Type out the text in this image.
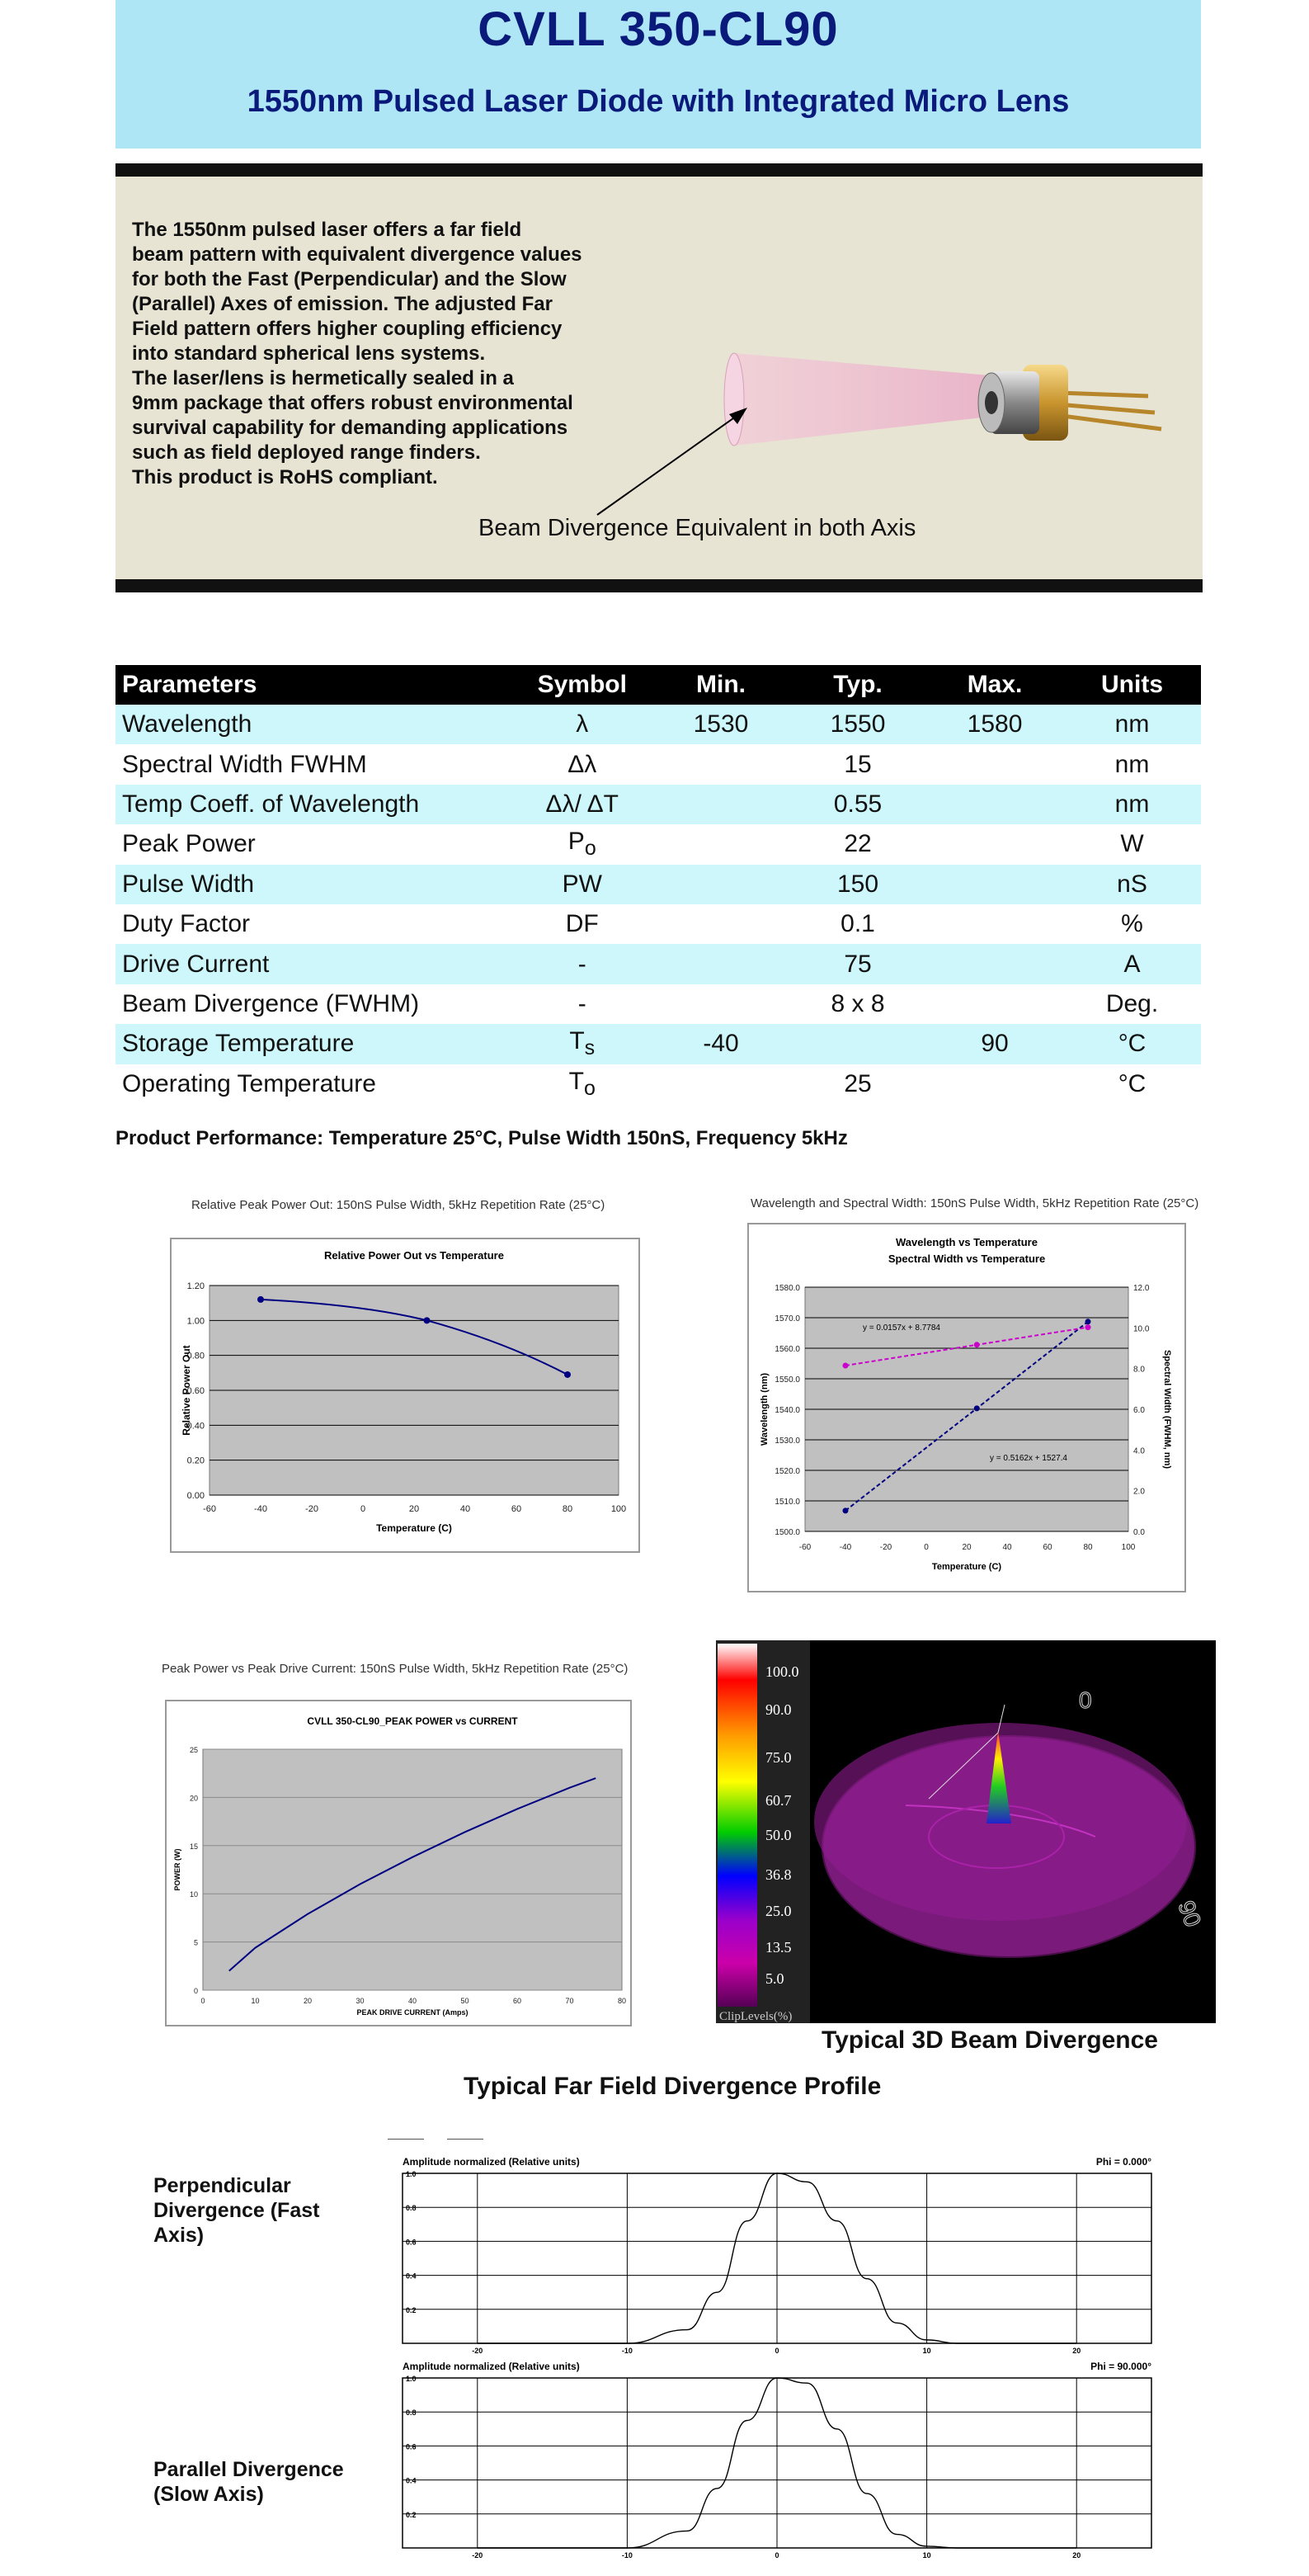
CVLL 350-CL90
1550nm Pulsed Laser Diode with Integrated Micro Lens

The 1550nm pulsed laser offers a far field

beam pattern with equivalent divergence values

for both the Fast (Perpendicular) and the Slow

(Parallel) Axes of emission. The adjusted Far

Field pattern offers higher coupling efficiency

into standard spherical lens systems.

The laser/lens is hermetically sealed in a

9mm package that offers robust environmental

survival capability for demanding applications

such as field deployed range finders.

This product is RoHS compliant.

Beam Divergence Equivalent in both Axis
Parameters	Symbol	Min.	Typ.	Max.	Units
Wavelength	λ	1530	1550	1580	nm
Spectral Width FWHM	Δλ		15		nm
Temp Coeff. of Wavelength	Δλ/ ΔT		0.55		nm
Peak Power	$P_o$		22		W
Pulse Width	PW		150		nS
Duty Factor	DF		0.1		%
Drive Current	-		75		A
Beam Divergence (FWHM)	-		8 x 8		Deg.
Storage Temperature	$T_s$	-40		90	°C
Operating Temperature	$T_o$		25		°C
Product Performance: Temperature 25°C, Pulse Width 150nS, Frequency 5kHz
Relative Peak Power Out: 150nS Pulse Width, 5kHz Repetition Rate (25°C)
0.00
0.20
0.40
0.60
0.80
1.00
1.20
-60	-40	-20	0	20	40	60	80	100
Relative Power Out vs Temperature
Temperature (C)
Relative Power Out
Wavelength and Spectral Width: 150nS Pulse Width, 5kHz Repetition Rate (25°C)
1500.0
1510.0
1520.0
1530.0
1540.0
1550.0
1560.0
1570.0
1580.0
-60	-40	-20	0	20	40	60	80	100
Wavelength vs Temperature
Spectral Width vs Temperature
Temperature (C)
Wavelength (nm)
0.0
2.0
4.0
6.0
8.0
10.0
12.0
Spectral Width (FWHM, nm)
y = 0.0157x + 8.7784
y = 0.5162x + 1527.4
Peak Power vs Peak Drive Current: 150nS Pulse Width, 5kHz Repetition Rate (25°C)
0
5
10
15
20
25
0	10	20	30	40	50	60	70	80
CVLL 350-CL90_PEAK POWER vs CURRENT
PEAK DRIVE CURRENT (Amps)
POWER (W)
100.0
90.0
75.0
60.7
50.0
36.8
25.0
13.5
5.0
ClipLevels(%)
0
90
Typical 3D Beam Divergence
Typical Far Field Divergence Profile
Perpendicular Divergence (Fast Axis)
Parallel Divergence (Slow Axis)
Amplitude normalized (Relative units)	Phi = 0.000°
0.2
0.4
0.6
0.8
1.0
-20	-10	0	10	20
Amplitude normalized (Relative units)	Phi = 90.000°
0.2
0.4
0.6
0.8
1.0
-20	-10	0	10	20
